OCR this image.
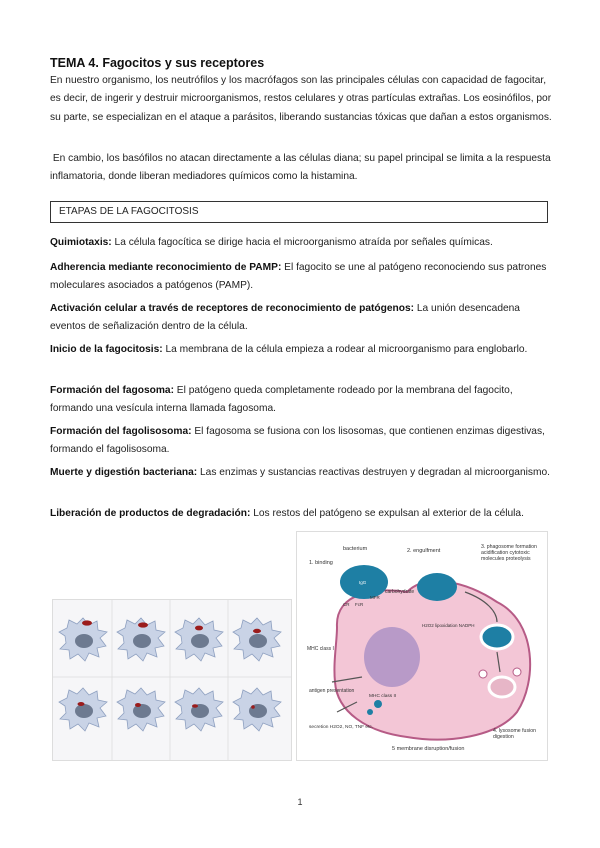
TEMA 4. Fagocitos y sus receptores
En nuestro organismo, los neutrófilos y los macrófagos son las principales células con capacidad de fagocitar, es decir, de ingerir y destruir microorganismos, restos celulares y otras partículas extrañas. Los eosinófilos, por su parte, se especializan en el ataque a parásitos, liberando sustancias tóxicas que dañan a estos organismos.
En cambio, los basófilos no atacan directamente a las células diana; su papel principal se limita a la respuesta inflamatoria, donde liberan mediadores químicos como la histamina.
ETAPAS DE LA FAGOCITOSIS
Quimiotaxis: La célula fagocítica se dirige hacia el microorganismo atraída por señales químicas.
Adherencia mediante reconocimiento de PAMP: El fagocito se une al patógeno reconociendo sus patrones moleculares asociados a patógenos (PAMP).
Activación celular a través de receptores de reconocimiento de patógenos: La unión desencadena eventos de señalización dentro de la célula.
Inicio de la fagocitosis: La membrana de la célula empieza a rodear al microorganismo para englobarlo.
Formación del fagosoma: El patógeno queda completamente rodeado por la membrana del fagocito, formando una vesícula interna llamada fagosoma.
Formación del fagolisosoma: El fagosoma se fusiona con los lisosomas, que contienen enzimas digestivas, formando el fagolisosoma.
Muerte y digestión bacteriana: Las enzimas y sustancias reactivas destruyen y degradan al microorganismo.
Liberación de productos de degradación: Los restos del patógeno se expulsan al exterior de la célula.
bacterium
1. binding
2. engulfment
carbohydrate
FcR
MFR
CR
IgG
H2O2 lipoxidation NADPH
MHC class I
MHC class II
antigen presentation
secretion H2O2, NO, TNF etc.
5 membrane disruption/fusion
3. phagosome formation acidification cytotoxic molecules proteolysis
4. lysosome fusion digestion
1
